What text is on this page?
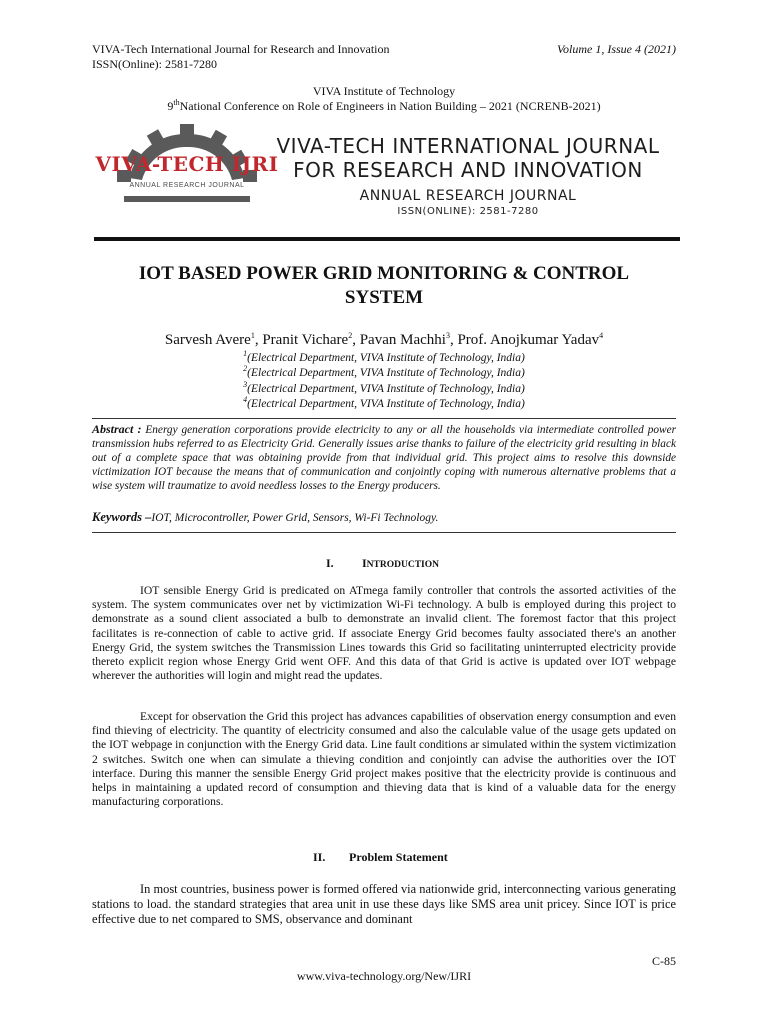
VIVA-Tech International Journal for Research and Innovation
ISSN(Online): 2581-7280
Volume 1, Issue 4 (2021)
VIVA Institute of Technology
9thNational Conference on Role of Engineers in Nation Building – 2021 (NCRENB-2021)
VIVA-TECH IJRI
ANNUAL RESEARCH JOURNAL
VIVA-TECH INTERNATIONAL JOURNAL
FOR RESEARCH AND INNOVATION
ANNUAL RESEARCH JOURNAL
ISSN(ONLINE): 2581-7280
IOT BASED POWER GRID MONITORING & CONTROL
SYSTEM
Sarvesh Avere$^1$, Pranit Vichare$^2$, Pavan Machhi$^3$, Prof. Anojkumar Yadav$^4$
$^1$(Electrical Department, VIVA Institute of Technology, India)
$^2$(Electrical Department, VIVA Institute of Technology, India)
$^3$(Electrical Department, VIVA Institute of Technology, India)
$^4$(Electrical Department, VIVA Institute of Technology, India)
Abstract : Energy generation corporations provide electricity to any or all the households via intermediate controlled power transmission hubs referred to as Electricity Grid. Generally issues arise thanks to failure of the electricity grid resulting in black out of a complete space that was obtaining provide from that individual grid. This project aims to resolve this downside victimization IOT because the means that of communication and conjointly coping with numerous alternative problems that a wise system will traumatize to avoid needless losses to the Energy producers.
Keywords –IOT, Microcontroller, Power Grid, Sensors, Wi-Fi Technology.
I. INTRODUCTION
IOT sensible Energy Grid is predicated on ATmega family controller that controls the assorted activities of the system. The system communicates over net by victimization Wi-Fi technology. A bulb is employed during this project to demonstrate as a sound client associated a bulb to demonstrate an invalid client. The foremost factor that this project facilitates is re-connection of cable to active grid. If associate Energy Grid becomes faulty associated there's an another Energy Grid, the system switches the Transmission Lines towards this Grid so facilitating uninterrupted electricity provide thereto explicit region whose Energy Grid went OFF. And this data of that Grid is active is updated over IOT webpage wherever the authorities will login and might read the updates.
Except for observation the Grid this project has advances capabilities of observation energy consumption and even find thieving of electricity. The quantity of electricity consumed and also the calculable value of the usage gets updated on the IOT webpage in conjunction with the Energy Grid data. Line fault conditions ar simulated within the system victimization 2 switches. Switch one when can simulate a thieving condition and conjointly can advise the authorities over the IOT interface. During this manner the sensible Energy Grid project makes positive that the electricity provide is continuous and helps in maintaining a updated record of consumption and thieving data that is kind of a valuable data for the energy manufacturing corporations.
II. Problem Statement
In most countries, business power is formed offered via nationwide grid, interconnecting various generating stations to load. the standard strategies that area unit in use these days like SMS area unit pricey. Since IOT is price effective due to net compared to SMS, observance and dominant
C-85
www.viva-technology.org/New/IJRI
